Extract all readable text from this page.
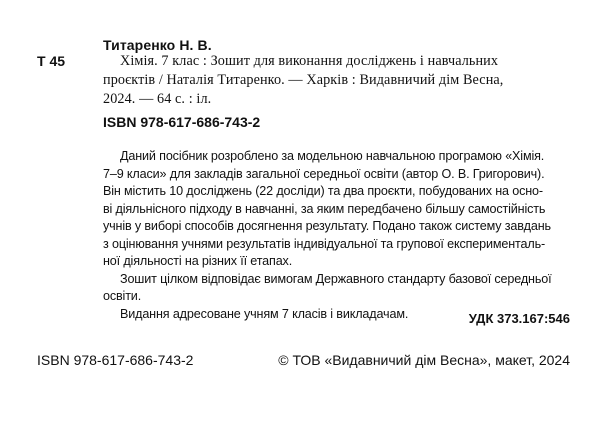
Титаренко Н. В.
Т 45	Хімія. 7 клас : Зошит для виконання досліджень і навчальних
проєктів / Наталія Титаренко. — Харків : Видавничий дім Весна,
2024. — 64 с. : іл.
ISBN 978-617-686-743-2
Даний посібник розроблено за модельною навчальною програмою «Хімія.
7–9 класи» для закладів загальної середньої освіти (автор О. В. Григорович).
Він містить 10 досліджень (22 досліди) та два проєкти, побудованих на осно-
ві діяльнісного підходу в навчанні, за яким передбачено більшу самостійність
учнів у виборі способів досягнення результату. Подано також систему завдань
з оцінювання учнями результатів індивідуальної та групової експерименталь-
ної діяльності на різних її етапах.
Зошит цілком відповідає вимогам Державного стандарту базової середньої
освіти.
Видання адресоване учням 7 класів і викладачам.	УДК 373.167:546
ISBN 978-617-686-743-2	© ТОВ «Видавничий дім Весна», макет, 2024
